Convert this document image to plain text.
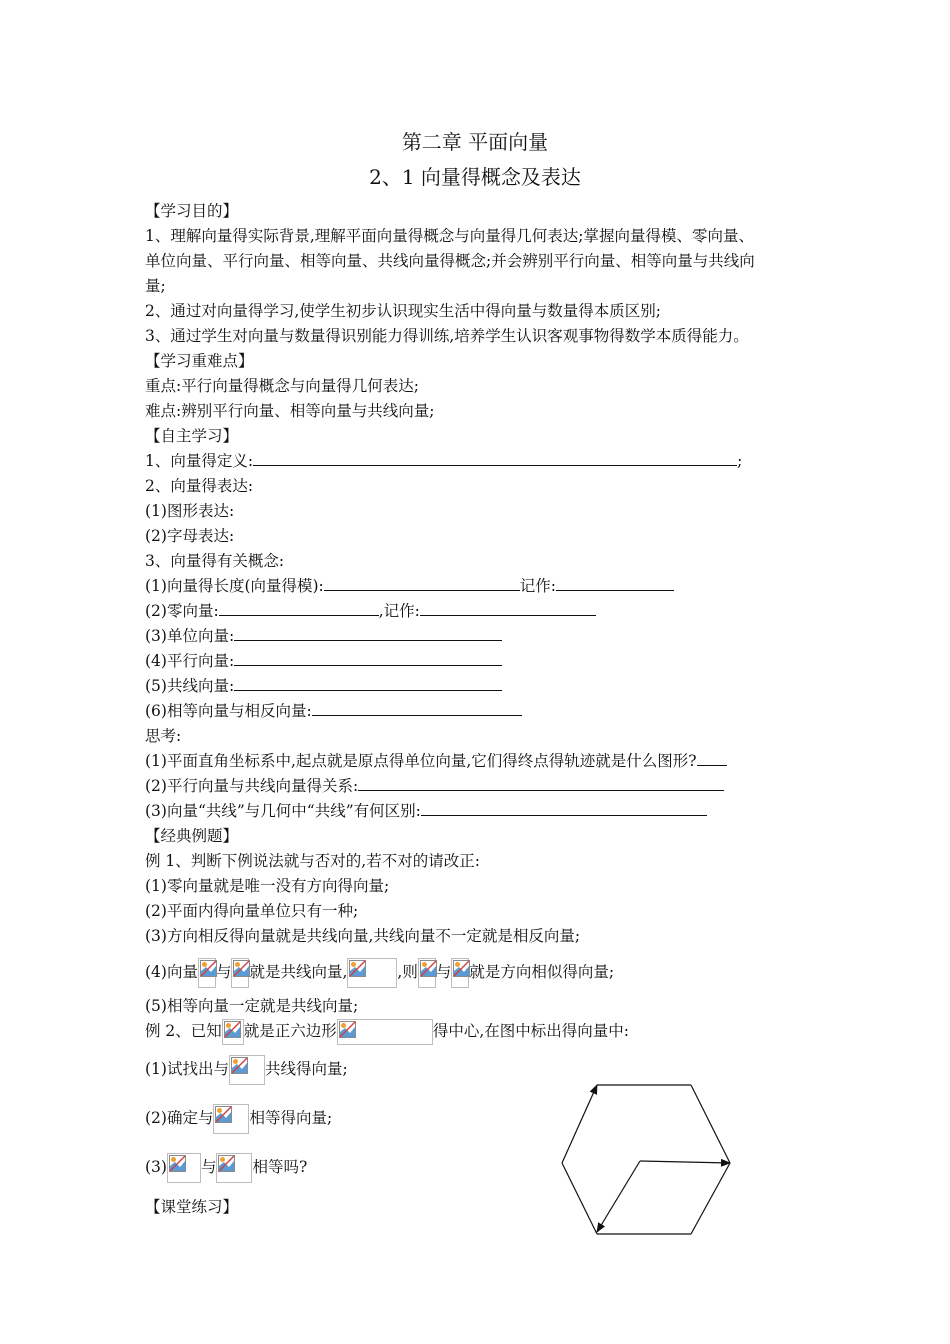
第二章 平面向量
2、1 向量得概念及表达
【学习目的】
1、理解向量得实际背景,理解平面向量得概念与向量得几何表达;掌握向量得模、零向量、
单位向量、平行向量、相等向量、共线向量得概念;并会辨别平行向量、相等向量与共线向
量;
2、通过对向量得学习,使学生初步认识现实生活中得向量与数量得本质区别;
3、通过学生对向量与数量得识别能力得训练,培养学生认识客观事物得数学本质得能力。
【学习重难点】
重点:平行向量得概念与向量得几何表达;
难点:辨别平行向量、相等向量与共线向量;
【自主学习】
1、向量得定义:	;
2、向量得表达:
(1)图形表达:
(2)字母表达:
3、向量得有关概念:
(1)向量得长度(向量得模):	记作:
(2)零向量:	,记作:
(3)单位向量:
(4)平行向量:
(5)共线向量:
(6)相等向量与相反向量:
思考:
(1)平面直角坐标系中,起点就是原点得单位向量,它们得终点得轨迹就是什么图形?
(2)平行向量与共线向量得关系:
(3)向量“共线”与几何中“共线”有何区别:
【经典例题】
例 1、判断下例说法就与否对的,若不对的请改正:
(1)零向量就是唯一没有方向得向量;
(2)平面内得向量单位只有一种;
(3)方向相反得向量就是共线向量,共线向量不一定就是相反向量;
(4)向量 与 就是共线向量,	,则 与 就是方向相似得向量;
(5)相等向量一定就是共线向量;
例 2、已知 就是正六边形	得中心,在图中标出得向量中:
(1)试找出与 共线得向量;
(2)确定与 相等得向量;
(3) 与 相等吗?
【课堂练习】
